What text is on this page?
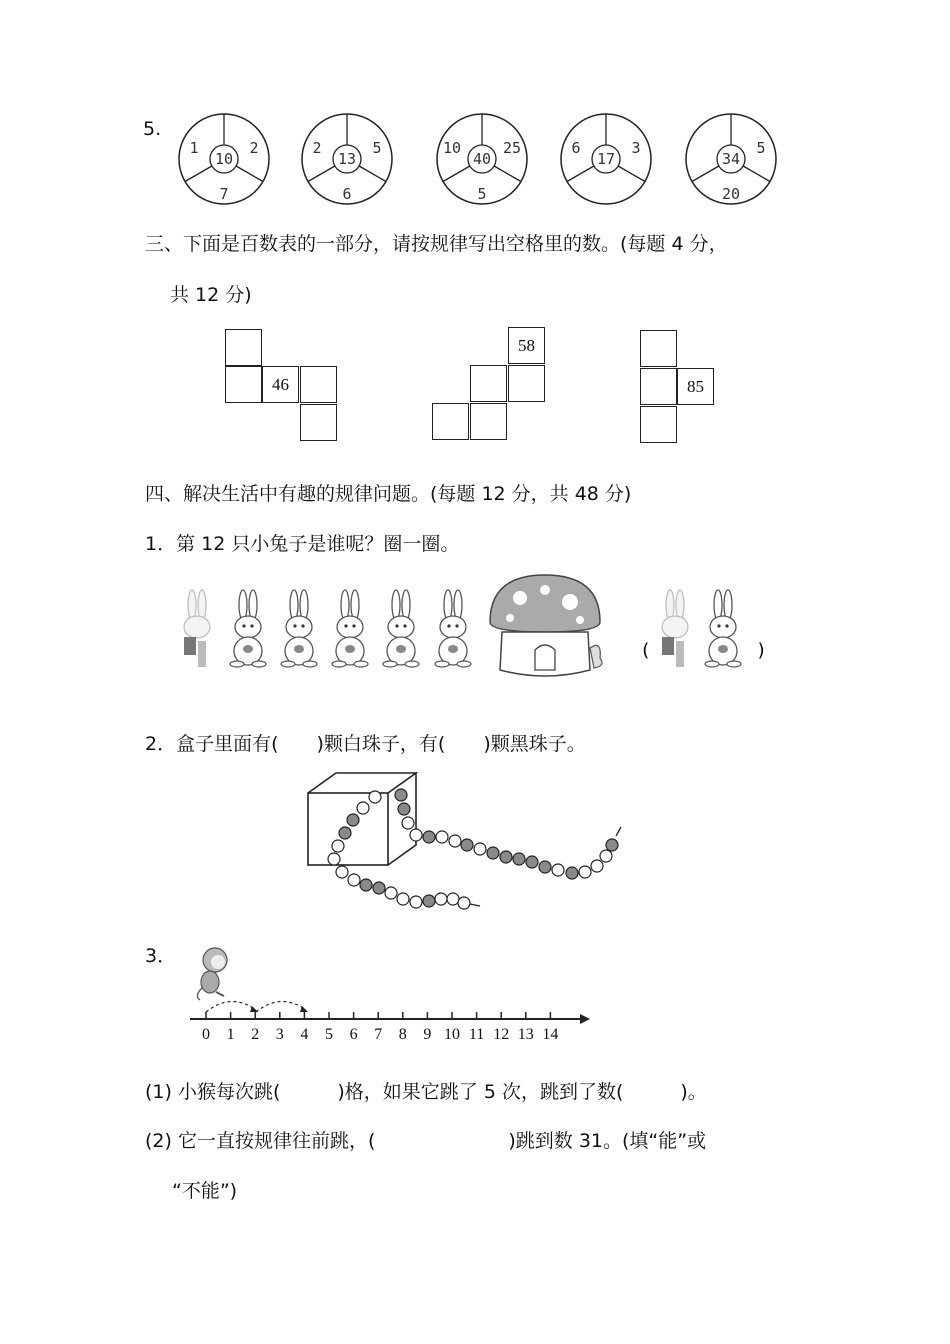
5.
10
1	2
7
13
2	5
6
40
10	25
5
17
6	3
34
5
20
三、下面是百数表的一部分，请按规律写出空格里的数。(每题 4 分，
共 12 分)
46
58
85
四、解决生活中有趣的规律问题。(每题 12 分，共 48 分)
1．第 12 只小兔子是谁呢？圈一圈。
(	)
2．盒子里面有(　　)颗白珠子，有(　　)颗黑珠子。
3．
0 1 2 3 4 5 6 7 8 9 10 11 12 13 14
(1) 小猴每次跳(　　　)格，如果它跳了 5 次，跳到了数(　　　)。
(2) 它一直按规律往前跳，(　　　　　　　)跳到数 31。(填“能”或
“不能”)
